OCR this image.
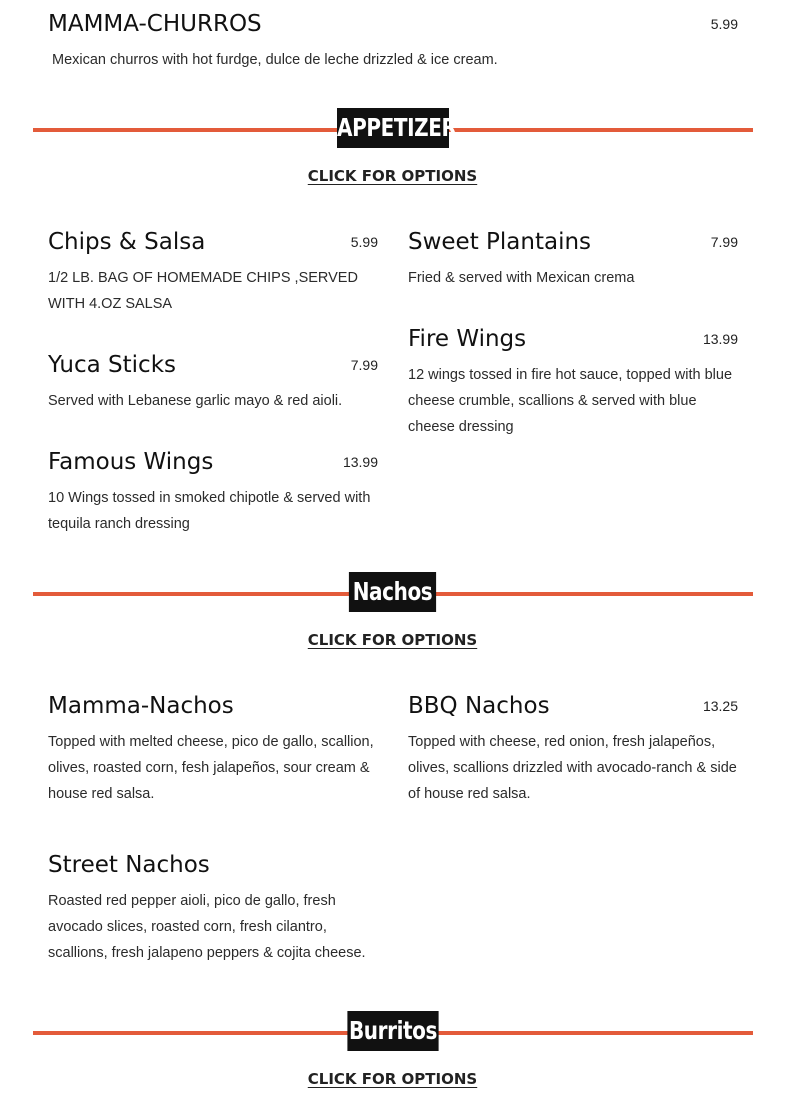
MAMMA-CHURROS	5.99
Mexican churros with hot furdge, dulce de leche drizzled & ice cream.
APPETIZER
CLICK FOR OPTIONS
Chips & Salsa	5.99
1/2 LB. BAG OF HOMEMADE CHIPS ,SERVED WITH 4.OZ SALSA
Sweet Plantains	7.99
Fried & served with Mexican crema
Yuca Sticks	7.99
Served with Lebanese garlic mayo & red aioli.
Fire Wings	13.99
12 wings tossed in fire hot sauce, topped with blue cheese crumble, scallions & served with blue cheese dressing
Famous Wings	13.99
10 Wings tossed in smoked chipotle & served with tequila ranch dressing
Nachos
CLICK FOR OPTIONS
Mamma-Nachos
Topped with melted cheese, pico de gallo, scallion, olives, roasted corn, fesh jalapeños, sour cream & house red salsa.
BBQ Nachos	13.25
Topped with cheese, red onion, fresh jalapeños, olives, scallions drizzled with avocado-ranch & side of house red salsa.
Street Nachos
Roasted red pepper aioli, pico de gallo, fresh avocado slices, roasted corn, fresh cilantro, scallions, fresh jalapeno peppers & cojita cheese.
Burritos
CLICK FOR OPTIONS
